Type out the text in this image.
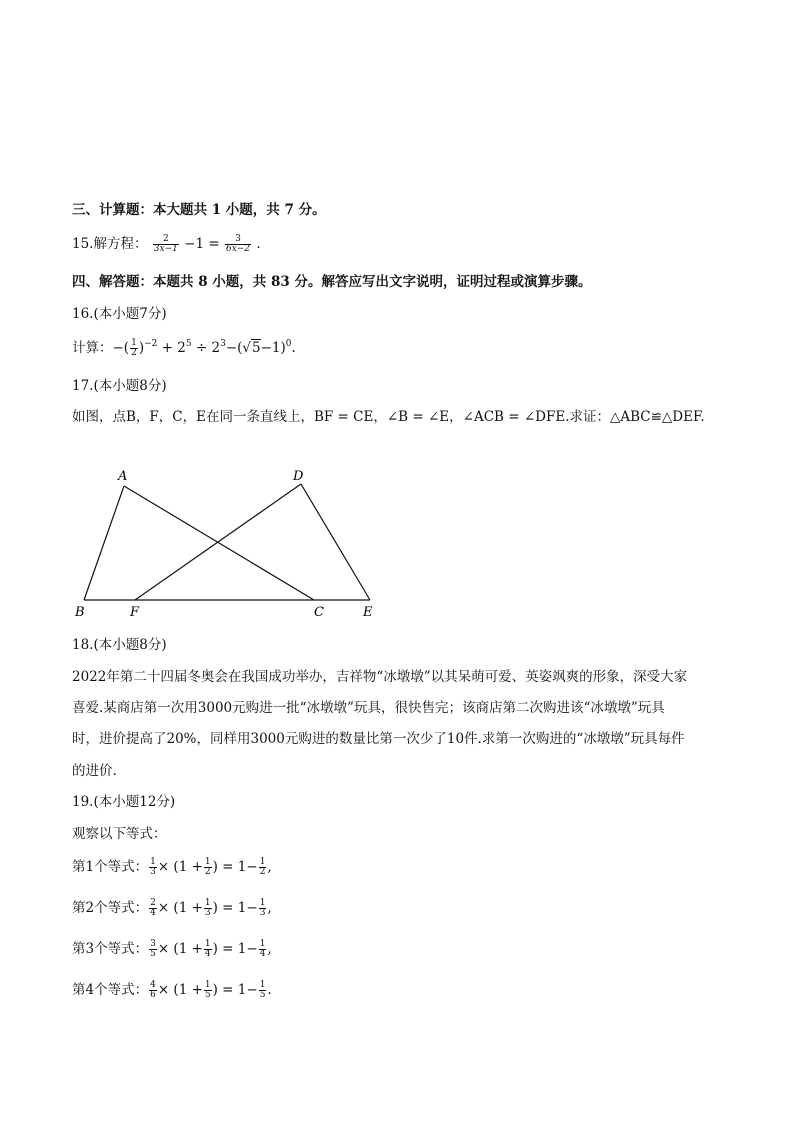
三、计算题：本大题共 1 小题，共 7 分。
15.解方程： $\frac{2}{3x-1} -1 = \frac{3}{6x-2}$ .
四、解答题：本题共 8 小题，共 83 分。解答应写出文字说明，证明过程或演算步骤。
16.(本小题7分)
计算：−( $\frac{1}{2} )^{-2} + 2^5 \div 2^3-(√5-1)^0$.
17.(本小题8分)
如图，点B，F，C，E在同一条直线上，BF = CE，∠B = ∠E，∠ACB = ∠DFE.求证：△ABC≌△DEF.
A	D
B	F	C	E
18.(本小题8分)
2022年第二十四届冬奥会在我国成功举办，吉祥物“冰墩墩”以其呆萌可爱、英姿飒爽的形象，深受大家
喜爱.某商店第一次用3000元购进一批“冰墩墩”玩具，很快售完；该商店第二次购进该“冰墩墩”玩具
时，进价提高了20%，同样用3000元购进的数量比第一次少了10件.求第一次购进的“冰墩墩”玩具每件
的进价.
19.(本小题12分)
观察以下等式：
第1个等式： $\frac{1}{3} \times (1 + \frac{1}{2}$ ) = $1- \frac{1}{2}$ ,
第2个等式： $\frac{2}{4} \times (1 + \frac{1}{3}$ ) = $1- \frac{1}{3}$ ,
第3个等式： $\frac{3}{5} \times (1 + \frac{1}{4}$ ) = $1- \frac{1}{4}$ ,
第4个等式： $\frac{4}{6} \times (1 + \frac{1}{5}$ ) = $1- \frac{1}{5}$ .
